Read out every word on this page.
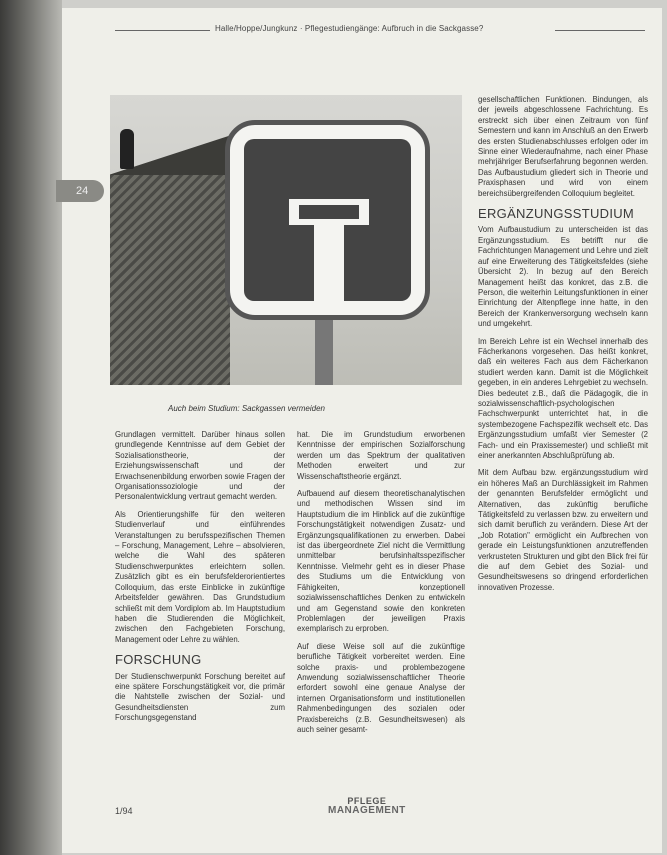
Halle/Hoppe/Jungkunz · Pflegestudiengänge: Aufbruch in die Sackgasse?
24
Auch beim Studium: Sackgassen vermeiden

Grundlagen vermittelt. Darüber hinaus sollen grundlegende Kenntnisse auf dem Gebiet der Sozialisationstheorie, der Erziehungswissenschaft und der Erwachsenenbildung erworben sowie Fragen der Organisationssoziologie und der Personalentwicklung vertraut gemacht werden.

Als Orientierungshilfe für den weiteren Studienverlauf und einführendes Veranstaltungen zu berufsspezifischen Themen – Forschung, Management, Lehre – absolvieren, welche die Wahl des späteren Studienschwerpunktes erleichtern sollen. Zusätzlich gibt es ein berufsfelderorientiertes Colloquium, das erste Einblicke in zukünftige Arbeitsfelder gewähren. Das Grundstudium schließt mit dem Vordiplom ab. Im Hauptstudium haben die Studierenden die Möglichkeit, zwischen den Fachgebieten Forschung, Management oder Lehre zu wählen.

FORSCHUNG

Der Studienschwerpunkt Forschung bereitet auf eine spätere Forschungstätigkeit vor, die primär die Nahtstelle zwischen der Sozial- und Gesundheitsdiensten zum Forschungsgegenstand

hat. Die im Grundstudium erworbenen Kenntnisse der empirischen Sozialforschung werden um das Spektrum der qualitativen Methoden erweitert und zur Wissenschaftstheorie ergänzt.

Aufbauend auf diesem theoretischanalytischen und methodischen Wissen sind im Hauptstudium die im Hinblick auf die zukünftige Forschungstätigkeit notwendigen Zusatz- und Ergänzungsqualifikationen zu erwerben. Dabei ist das übergeordnete Ziel nicht die Vermittlung unmittelbar berufsinhaltsspezifischer Kenntnisse. Vielmehr geht es in dieser Phase des Studiums um die Entwicklung von Fähigkeiten, konzeptionell sozialwissenschaftliches Denken zu entwickeln und am Gegenstand sowie den konkreten Problemlagen der jeweiligen Praxis exemplarisch zu erproben.

Auf diese Weise soll auf die zukünftige berufliche Tätigkeit vorbereitet werden. Eine solche praxis- und problembezogene Anwendung sozialwissenschaftlicher Theorie erfordert sowohl eine genaue Analyse der internen Organisationsform und institutionellen Rahmenbedingungen des sozialen oder Praxisbereichs (z.B. Gesundheitswesen) als auch seiner gesamt-

gesellschaftlichen Funktionen. Bindungen, als der jeweils abgeschlossene Fachrichtung. Es erstreckt sich über einen Zeitraum von fünf Semestern und kann im Anschluß an den Erwerb des ersten Studienabschlusses erfolgen oder im Sinne einer Wiederaufnahme, nach einer Phase mehrjähriger Berufserfahrung begonnen werden. Das Aufbaustudium gliedert sich in Theorie und Praxisphasen und wird von einem bereichsübergreifenden Colloquium begleitet.

ERGÄNZUNGSSTUDIUM

Vom Aufbaustudium zu unterscheiden ist das Ergänzungsstudium. Es betrifft nur die Fachrichtungen Management und Lehre und zielt auf eine Erweiterung des Tätigkeitsfeldes (siehe Übersicht 2). In bezug auf den Bereich Management heißt das konkret, das z.B. die Person, die weiterhin Leitungsfunktionen in einer Einrichtung der Altenpflege inne hatte, in den Bereich der Krankenversorgung wechseln kann und umgekehrt.

Im Bereich Lehre ist ein Wechsel innerhalb des Fächerkanons vorgesehen. Das heißt konkret, daß ein weiteres Fach aus dem Fächerkanon studiert werden kann. Damit ist die Möglichkeit gegeben, in ein anderes Lehrgebiet zu wechseln. Dies bedeutet z.B., daß die Pädagogik, die in sozialwissenschaftlich-psychologischen Fachschwerpunkt unterrichtet hat, in die systembezogene Fachspezifik wechselt etc. Das Ergänzungsstudium umfaßt vier Semester (2 Fach- und ein Praxissemester) und schließt mit einer anerkannten Abschlußprüfung ab.

Mit dem Aufbau bzw. ergänzungsstudium wird ein höheres Maß an Durchlässigkeit im Rahmen der genannten Berufsfelder ermöglicht und Alternativen, das zukünftig berufliche Tätigkeitsfeld zu verlassen bzw. zu erweitern und sich damit beruflich zu verändern. Diese Art der „Job Rotation" ermöglicht ein Aufbrechen von gerade ein Leistungsfunktionen anzutreffenden verkrusteten Strukturen und gibt den Blick frei für die auf dem Gebiet des Sozial- und Gesundheitswesens so dringend erforderlichen innovativen Prozesse.

1/94
PFLEGE
MANAGEMENT
